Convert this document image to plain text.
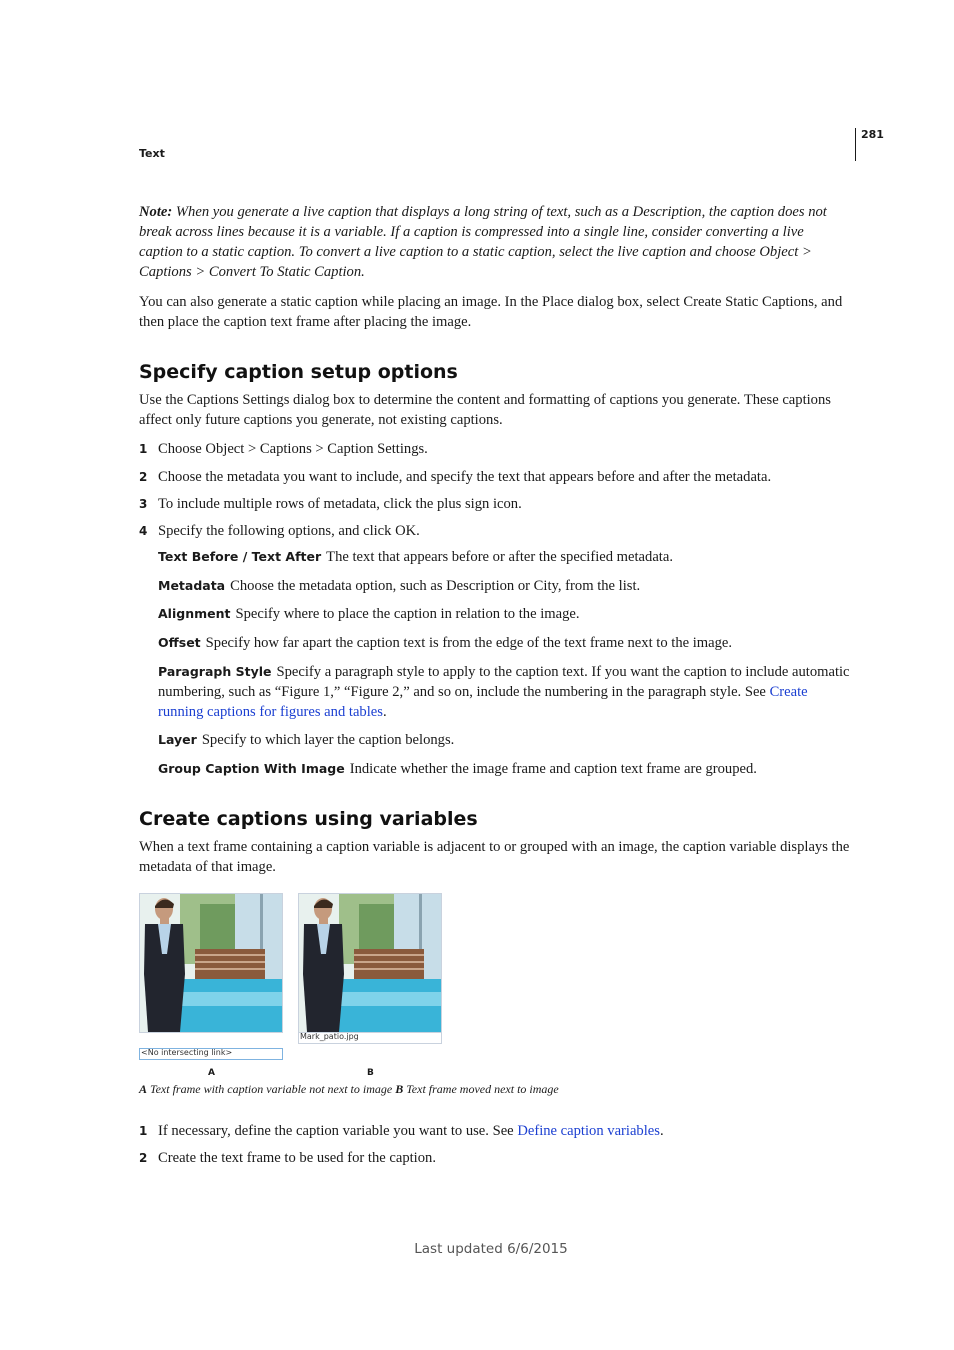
Text
281
Note: When you generate a live caption that displays a long string of text, such as a Description, the caption does not break across lines because it is a variable. If a caption is compressed into a single line, consider converting a live caption to a static caption. To convert a live caption to a static caption, select the live caption and choose Object > Captions > Convert To Static Caption.
You can also generate a static caption while placing an image. In the Place dialog box, select Create Static Captions, and then place the caption text frame after placing the image.
Specify caption setup options
Use the Captions Settings dialog box to determine the content and formatting of captions you generate. These captions affect only future captions you generate, not existing captions.
1 Choose Object > Captions > Caption Settings.
2 Choose the metadata you want to include, and specify the text that appears before and after the metadata.
3 To include multiple rows of metadata, click the plus sign icon.
4 Specify the following options, and click OK.
Text Before / Text After The text that appears before or after the specified metadata.
Metadata Choose the metadata option, such as Description or City, from the list.
Alignment Specify where to place the caption in relation to the image.
Offset Specify how far apart the caption text is from the edge of the text frame next to the image.
Paragraph Style Specify a paragraph style to apply to the caption text. If you want the caption to include automatic numbering, such as “Figure 1,” “Figure 2,” and so on, include the numbering in the paragraph style. See Create running captions for figures and tables.
Layer Specify to which layer the caption belongs.
Group Caption With Image Indicate whether the image frame and caption text frame are grouped.
Create captions using variables
When a text frame containing a caption variable is adjacent to or grouped with an image, the caption variable displays the metadata of that image.
<No intersecting link>
A
Mark_patio.jpg
B
A Text frame with caption variable not next to image B Text frame moved next to image
1 If necessary, define the caption variable you want to use. See Define caption variables.
2 Create the text frame to be used for the caption.
Last updated 6/6/2015
